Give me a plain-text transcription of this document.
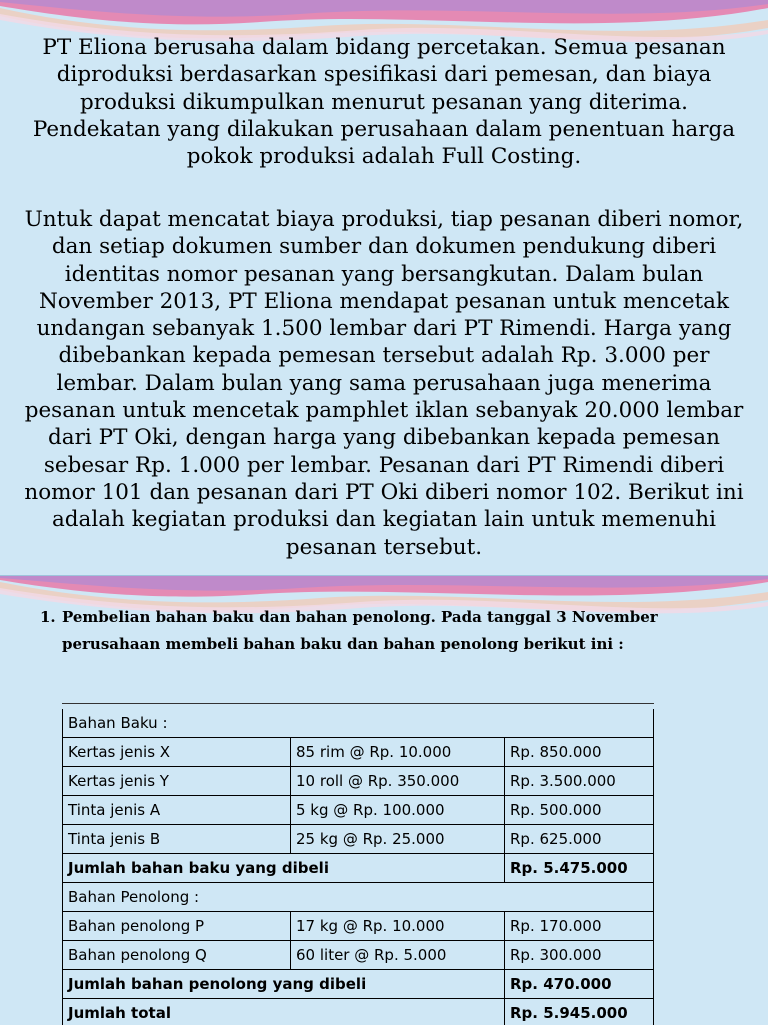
PT Eliona berusaha dalam bidang percetakan. Semua pesanan diproduksi berdasarkan spesifikasi dari pemesan, dan biaya produksi dikumpulkan menurut pesanan yang diterima. Pendekatan yang dilakukan perusahaan dalam penentuan harga pokok produksi adalah Full Costing.

Untuk dapat mencatat biaya produksi, tiap pesanan diberi nomor, dan setiap dokumen sumber dan dokumen pendukung diberi identitas nomor pesanan yang bersangkutan. Dalam bulan November 2013, PT Eliona mendapat pesanan untuk mencetak undangan sebanyak 1.500 lembar dari PT Rimendi. Harga yang dibebankan kepada pemesan tersebut adalah Rp. 3.000 per lembar. Dalam bulan yang sama perusahaan juga menerima pesanan untuk mencetak pamphlet iklan sebanyak 20.000 lembar dari PT Oki, dengan harga yang dibebankan kepada pemesan sebesar Rp. 1.000 per lembar. Pesanan dari PT Rimendi diberi nomor 101 dan pesanan dari PT Oki diberi nomor 102. Berikut ini adalah kegiatan produksi dan kegiatan lain untuk memenuhi pesanan tersebut.

1. Pembelian bahan baku dan bahan penolong. Pada tanggal 3 November perusahaan membeli bahan baku dan bahan penolong berikut ini :

Bahan Baku :		
Kertas jenis X	85 rim @ Rp. 10.000	Rp. 850.000
Kertas jenis Y	10 roll @ Rp. 350.000	Rp. 3.500.000
Tinta jenis A	5 kg @ Rp. 100.000	Rp. 500.000
Tinta jenis B	25 kg @ Rp. 25.000	Rp. 625.000
Jumlah bahan baku yang dibeli		Rp. 5.475.000
Bahan Penolong :		
Bahan penolong P	17 kg @ Rp. 10.000	Rp. 170.000
Bahan penolong Q	60 liter @ Rp. 5.000	Rp. 300.000
Jumlah bahan penolong yang dibeli		Rp. 470.000
Jumlah total		Rp. 5.945.000
